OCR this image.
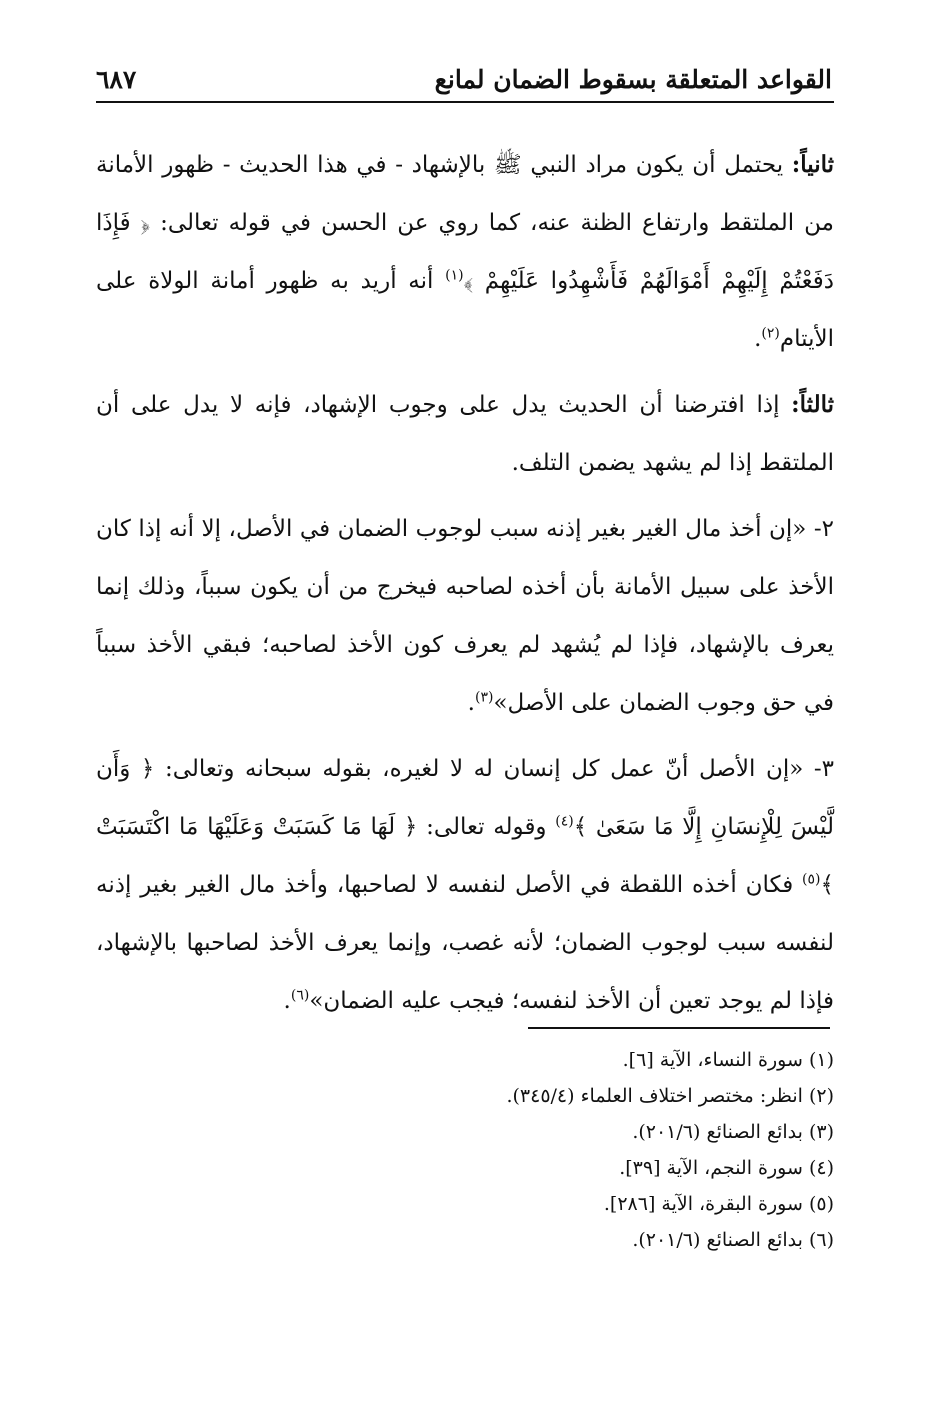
القواعد المتعلقة بسقوط الضمان لمانع
٦٨٧

ثانياً: يحتمل أن يكون مراد النبي ﷺ بالإشهاد - في هذا الحديث - ظهور الأمانة من الملتقط وارتفاع الظنة عنه، كما روي عن الحسن في قوله تعالى: ﴿ فَإِذَا دَفَعْتُمْ إِلَيْهِمْ أَمْوَالَهُمْ فَأَشْهِدُوا عَلَيْهِمْ ﴾$^{(١)}$ أنه أريد به ظهور أمانة الولاة على الأيتام$^{(٢)}$.

ثالثاً: إذا افترضنا أن الحديث يدل على وجوب الإشهاد، فإنه لا يدل على أن الملتقط إذا لم يشهد يضمن التلف.

٢- «إن أخذ مال الغير بغير إذنه سبب لوجوب الضمان في الأصل، إلا أنه إذا كان الأخذ على سبيل الأمانة بأن أخذه لصاحبه فيخرج من أن يكون سبباً، وذلك إنما يعرف بالإشهاد، فإذا لم يُشهد لم يعرف كون الأخذ لصاحبه؛ فبقي الأخذ سبباً في حق وجوب الضمان على الأصل»$^{(٣)}$.

٣- «إن الأصل أنّ عمل كل إنسان له لا لغيره، بقوله سبحانه وتعالى: ﴿ وَأَن لَّيْسَ لِلْإِنسَانِ إِلَّا مَا سَعَىٰ ﴾$^{(٤)}$ وقوله تعالى: ﴿ لَهَا مَا كَسَبَتْ وَعَلَيْهَا مَا اكْتَسَبَتْ ﴾$^{(٥)}$ فكان أخذه اللقطة في الأصل لنفسه لا لصاحبها، وأخذ مال الغير بغير إذنه لنفسه سبب لوجوب الضمان؛ لأنه غصب، وإنما يعرف الأخذ لصاحبها بالإشهاد، فإذا لم يوجد تعين أن الأخذ لنفسه؛ فيجب عليه الضمان»$^{(٦)}$.

(١) سورة النساء، الآية [٦].
(٢) انظر: مختصر اختلاف العلماء (٣٤٥/٤).
(٣) بدائع الصنائع (٢٠١/٦).
(٤) سورة النجم، الآية [٣٩].
(٥) سورة البقرة، الآية [٢٨٦].
(٦) بدائع الصنائع (٢٠١/٦).
